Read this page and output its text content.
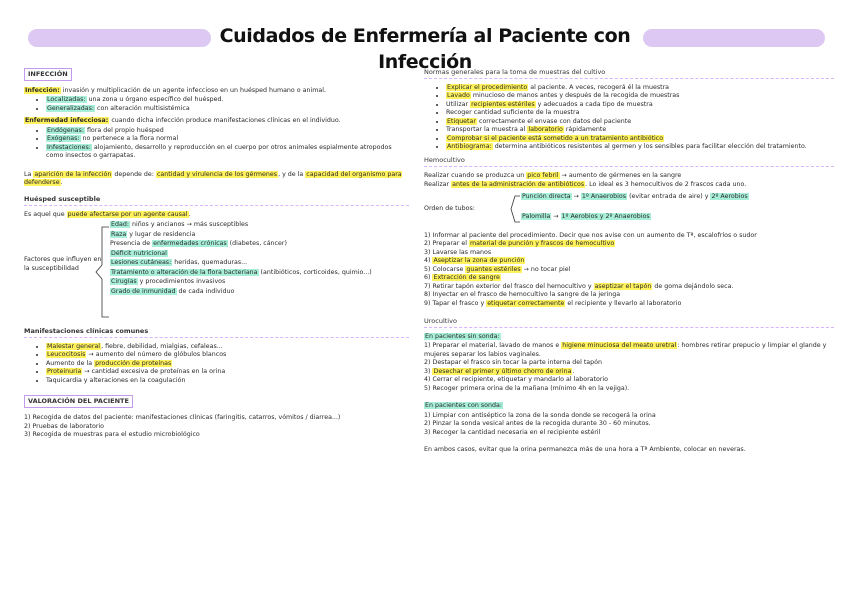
Cuidados de Enfermería al Paciente con Infección
INFECCIÓN

Infección: invasión y multiplicación de un agente infeccioso en un huésped humano o animal.

• Localizadas: una zona u órgano específico del huésped.
• Generalizadas: con alteración multisistémica

Enfermedad infecciosa: cuando dicha infección produce manifestaciones clínicas en el individuo.

• Endógenas: flora del propio huésped
• Exógenas: no pertenece a la flora normal
• Infestaciones: alojamiento, desarrollo y reproducción en el cuerpo por otros animales espialmente atropodos como insectos o garrapatas.

La aparición de la infección depende de: cantidad y virulencia de los gérmenes, y de la capacidad del organismo para defenderse.

Huésped susceptible

Es aquel que puede afectarse por un agente causal.

Factores que influyen en la susceptibilidad
Edad: niños y ancianos → más susceptibles
Raza y lugar de residencia
Presencia de enfermedades crónicas (diabetes, cáncer)
Déficit nutricional
Lesiones cutáneas: heridas, quemaduras...
Tratamiento o alteración de la flora bacteriana (antibióticos, corticoides, quimio...)
Cirugías y procedimientos invasivos
Grado de inmunidad de cada individuo

Manifestaciones clínicas comunes

• Malestar general, fiebre, debilidad, mialgias, cefaleas...
• Leucocitosis → aumento del número de glóbulos blancos
• Aumento de la producción de proteínas
• Proteinuria → cantidad excesiva de proteínas en la orina
• Taquicardia y alteraciones en la coagulación
VALORACIÓN DEL PACIENTE
1) Recogida de datos del paciente: manifestaciones clínicas (faringitis, catarros, vómitos / diarrea...)
2) Pruebas de laboratorio
3) Recogida de muestras para el estudio microbiológico

Normas generales para la toma de muestras del cultivo

• Explicar el procedimiento al paciente. A veces, recogerá él la muestra
• Lavado minucioso de manos antes y después de la recogida de muestras
• Utilizar recipientes estériles y adecuados a cada tipo de muestra
• Recoger cantidad suficiente de la muestra
• Etiquetar correctamente el envase con datos del paciente
• Transportar la muestra al laboratorio rápidamente
• Comprobar si el paciente está sometido a un tratamiento antibiótico
• Antibiograma: determina antibióticos resistentes al germen y los sensibles para facilitar elección del tratamiento.

Hemocultivo

Realizar cuando se produzca un pico febril → aumento de gérmenes en la sangre

Realizar antes de la administración de antibióticos. Lo ideal es 3 hemocultivos de 2 frascos cada uno.

Orden de tubos:
Punción directa → 1º Anaerobios (evitar entrada de aire) y 2º Aerobios
Palomilla → 1º Aerobios y 2º Anaerobios
1) Informar al paciente del procedimiento. Decir que nos avise con un aumento de Tª, escalofríos o sudor
2) Preparar el material de punción y frascos de hemocultivo
3) Lavarse las manos
4) Aseptizar la zona de punción
5) Colocarse guantes estériles → no tocar piel
6) Extracción de sangre
7) Retirar tapón exterior del frasco del hemocultivo y aseptizar el tapón de goma dejándolo seca.
8) Inyectar en el frasco de hemocultivo la sangre de la jeringa
9) Tapar el frasco y etiquetar correctamente el recipiente y llevarlo al laboratorio

Urocultivo

En pacientes sin sonda:

1) Preparar el material, lavado de manos e higiene minuciosa del meato uretral: hombres retirar prepucio y limpiar el glande y mujeres separar los labios vaginales.
2) Destapar el frasco sin tocar la parte interna del tapón
3) Desechar el primer y último chorro de orina.
4) Cerrar el recipiente, etiquetar y mandarlo al laboratorio
5) Recoger primera orina de la mañana (mínimo 4h en la vejiga).

En pacientes con sonda:

1) Limpiar con antiséptico la zona de la sonda donde se recogerá la orina
2) Pinzar la sonda vesical antes de la recogida durante 30 - 60 minutos.
3) Recoger la cantidad necesaria en el recipiente estéril

En ambos casos, evitar que la orina permanezca más de una hora a Tª Ambiente, colocar en neveras.
